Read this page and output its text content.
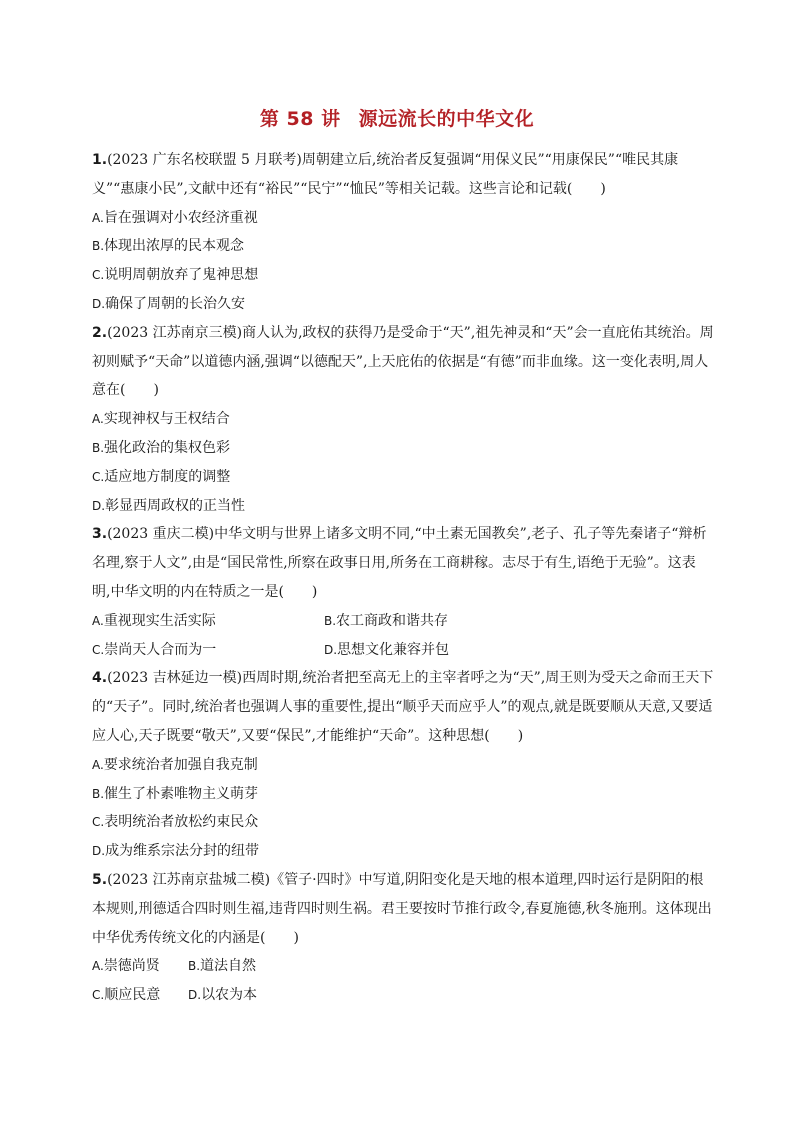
第 58 讲 源远流长的中华文化

1.(2023 广东名校联盟 5 月联考)周朝建立后,统治者反复强调“用保义民”“用康保民”“唯民其康义”“惠康小民”,文献中还有“裕民”“民宁”“恤民”等相关记载。这些言论和记载(　　)

A.旨在强调对小农经济重视

B.体现出浓厚的民本观念

C.说明周朝放弃了鬼神思想

D.确保了周朝的长治久安

2.(2023 江苏南京三模)商人认为,政权的获得乃是受命于“天”,祖先神灵和“天”会一直庇佑其统治。周初则赋予“天命”以道德内涵,强调“以德配天”,上天庇佑的依据是“有德”而非血缘。这一变化表明,周人意在(　　)

A.实现神权与王权结合

B.强化政治的集权色彩

C.适应地方制度的调整

D.彰显西周政权的正当性

3.(2023 重庆二模)中华文明与世界上诸多文明不同,“中土素无国教矣”,老子、孔子等先秦诸子“辩析名理,察于人文”,由是“国民常性,所察在政事日用,所务在工商耕稼。志尽于有生,语绝于无验”。这表明,中华文明的内在特质之一是(　　)

A.重视现实生活实际	B.农工商政和谐共存
C.崇尚天人合而为一	D.思想文化兼容并包

4.(2023 吉林延边一模)西周时期,统治者把至高无上的主宰者呼之为“天”,周王则为受天之命而王天下的“天子”。同时,统治者也强调人事的重要性,提出“顺乎天而应乎人”的观点,就是既要顺从天意,又要适应人心,天子既要“敬天”,又要“保民”,才能维护“天命”。这种思想(　　)

A.要求统治者加强自我克制

B.催生了朴素唯物主义萌芽

C.表明统治者放松约束民众

D.成为维系宗法分封的纽带

5.(2023 江苏南京盐城二模)《管子·四时》中写道,阴阳变化是天地的根本道理,四时运行是阴阳的根本规则,刑德适合四时则生福,违背四时则生祸。君王要按时节推行政令,春夏施德,秋冬施刑。这体现出中华优秀传统文化的内涵是(　　)

A.崇德尚贤	B.道法自然
C.顺应民意	D.以农为本
